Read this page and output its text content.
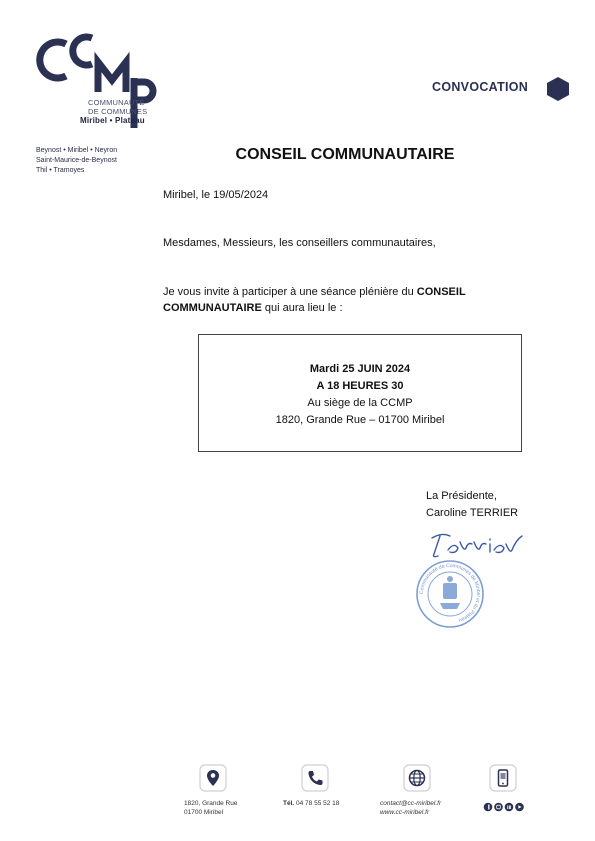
COMMUNAUTÉ
DE COMMUNES
Miribel • Plateau
Beynost • Miribel • Neyron
Saint-Maurice-de-Beynost
Thil • Tramoyes
CONVOCATION
CONSEIL COMMUNAUTAIRE
Miribel, le 19/05/2024
Mesdames, Messieurs, les conseillers communautaires,
Je vous invite à participer à une séance plénière du CONSEIL
COMMUNAUTAIRE qui aura lieu le :
Mardi 25 JUIN 2024
A 18 HEURES 30
Au siège de la CCMP
1820, Grande Rue – 01700 Miribel
La Présidente,
Caroline TERRIER
Communauté de Communes de Miribel et du Plateau
1820, Grande Rue
01700 Miribel
Tél. 04 78 55 52 18	contact@cc-miribel.fr
www.cc-miribel.fr
